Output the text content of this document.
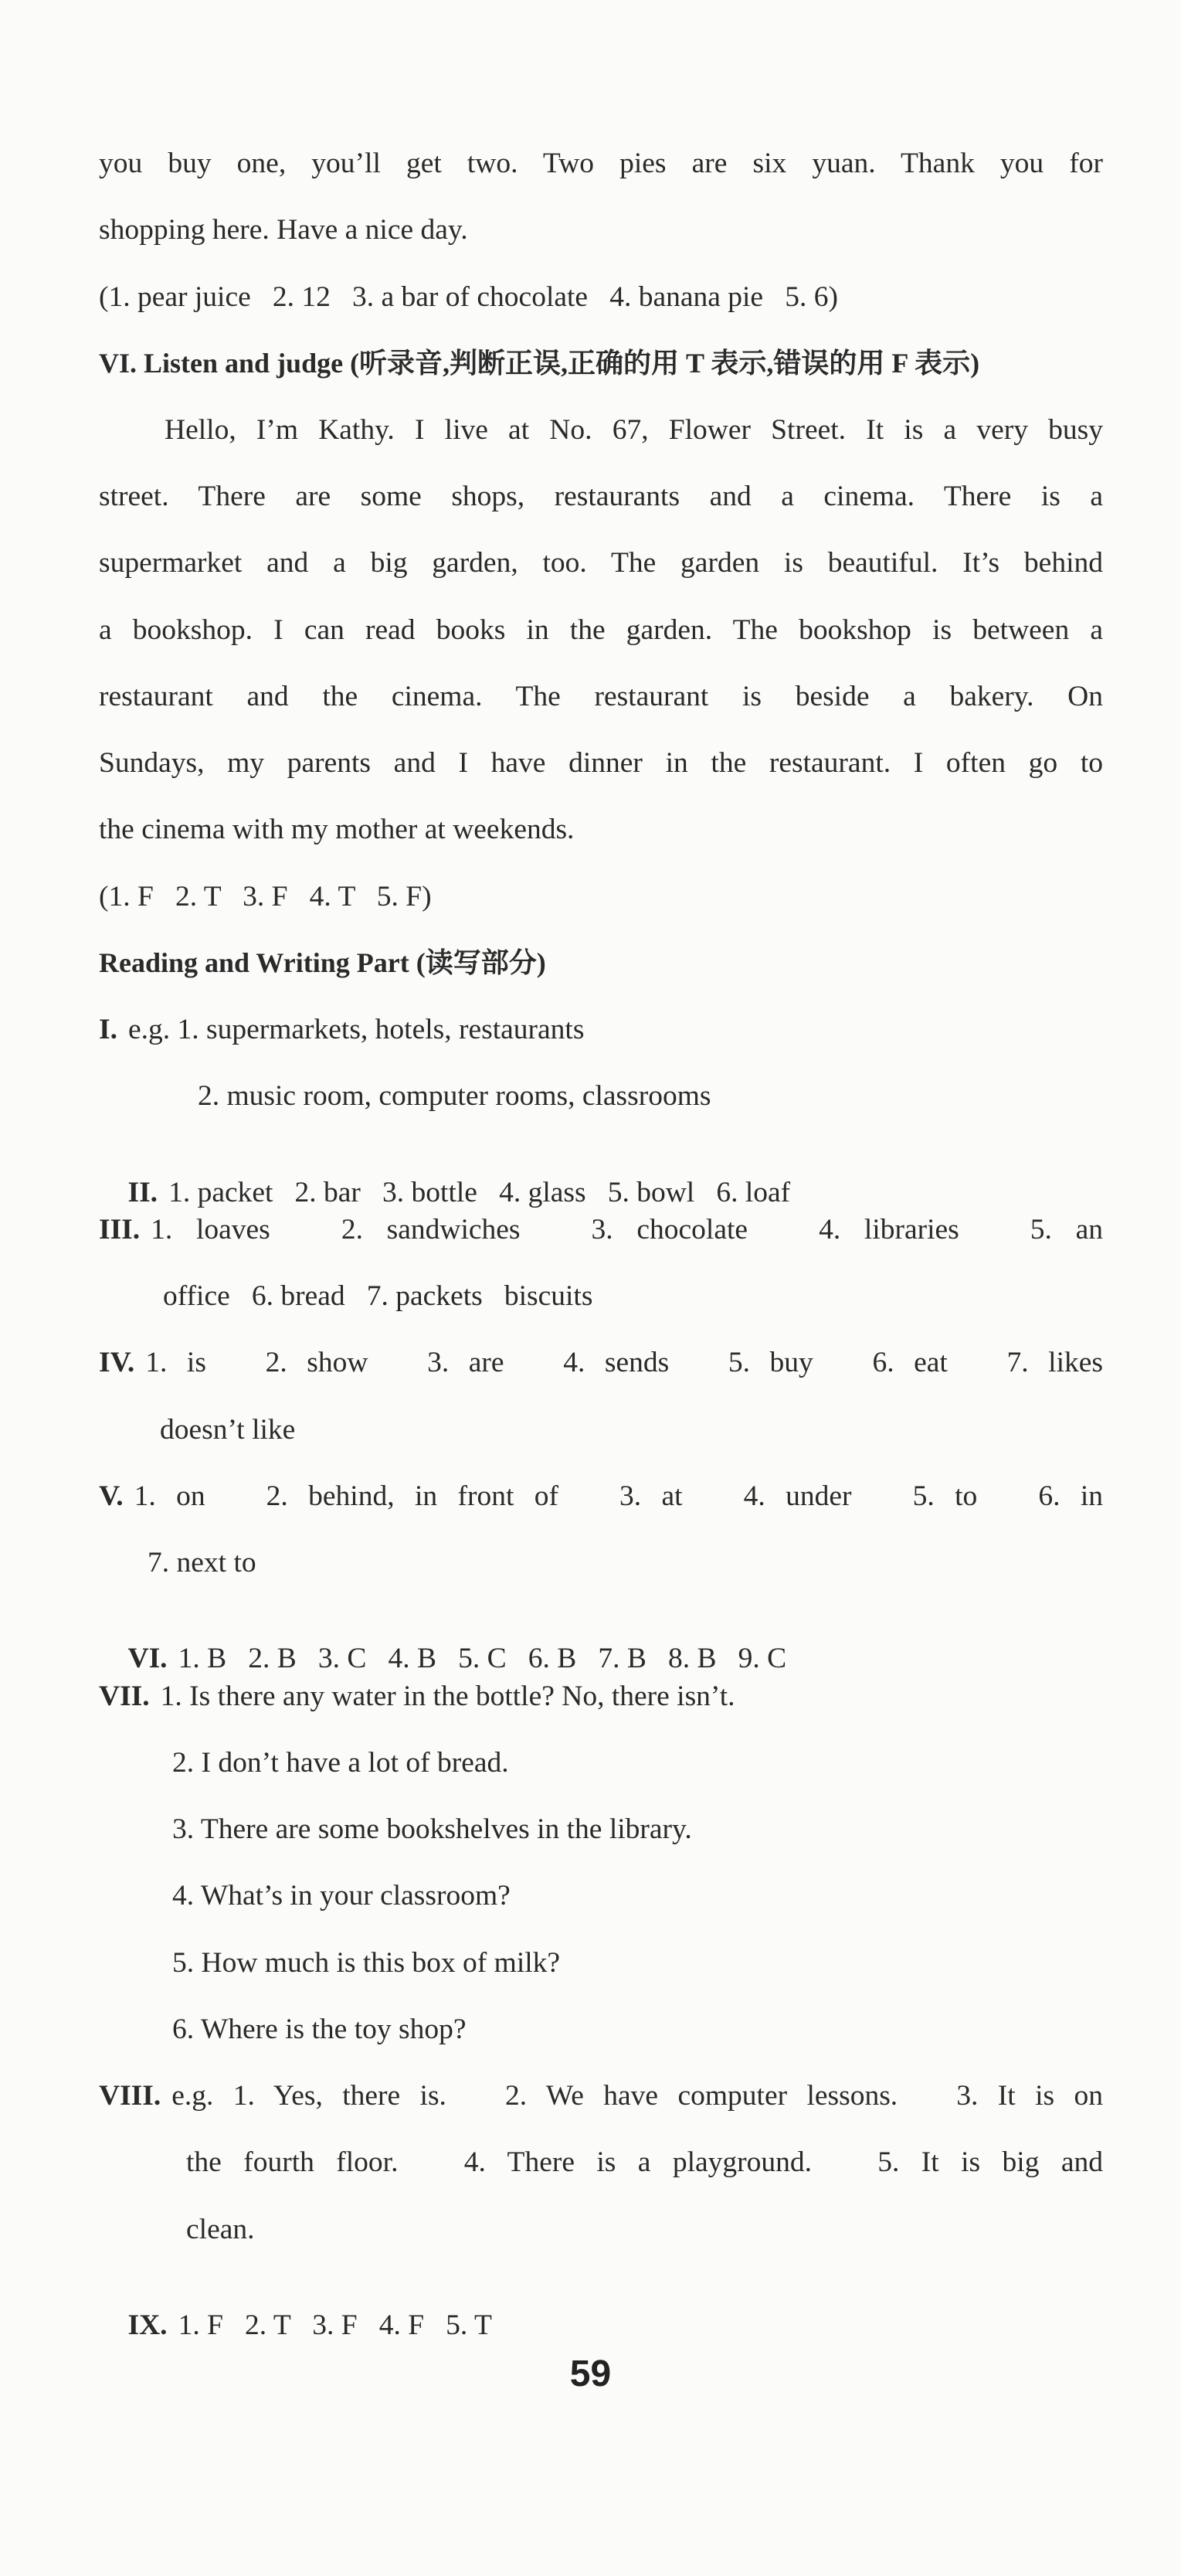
you buy one, you’ll get two. Two pies are six yuan. Thank you for
shopping here. Have a nice day.
(1. pear juice   2. 12   3. a bar of chocolate   4. banana pie   5. 6)
VI. Listen and judge (听录音,判断正误,正确的用 T 表示,错误的用 F 表示)
Hello, I’m Kathy. I live at No. 67, Flower Street. It is a very busy
street. There are some shops, restaurants and a cinema. There is a
supermarket and a big garden, too. The garden is beautiful. It’s behind
a bookshop. I can read books in the garden. The bookshop is between a
restaurant and the cinema. The restaurant is beside a bakery. On
Sundays, my parents and I have dinner in the restaurant. I often go to
the cinema with my mother at weekends.
(1. F   2. T   3. F   4. T   5. F)
Reading and Writing Part (读写部分)
I. e.g. 1. supermarkets, hotels, restaurants
2. music room, computer rooms, classrooms

II. 1. packet   2. bar   3. bottle   4. glass   5. bowl   6. loaf

III. 1. loaves   2. sandwiches   3. chocolate   4. libraries   5. an
office   6. bread   7. packets   biscuits
IV. 1. is   2. show   3. are   4. sends   5. buy   6. eat   7. likes
doesn’t like
V. 1. on   2. behind, in front of   3. at   4. under   5. to   6. in
7. next to

VI. 1. B   2. B   3. C   4. B   5. C   6. B   7. B   8. B   9. C

VII. 1. Is there any water in the bottle? No, there isn’t.
2. I don’t have a lot of bread.
3. There are some bookshelves in the library.
4. What’s in your classroom?
5. How much is this box of milk?
6. Where is the toy shop?
VIII. e.g. 1. Yes, there is.   2. We have computer lessons.   3. It is on
the fourth floor.   4. There is a playground.   5. It is big and
clean.

IX. 1. F   2. T   3. F   4. F   5. T

59
